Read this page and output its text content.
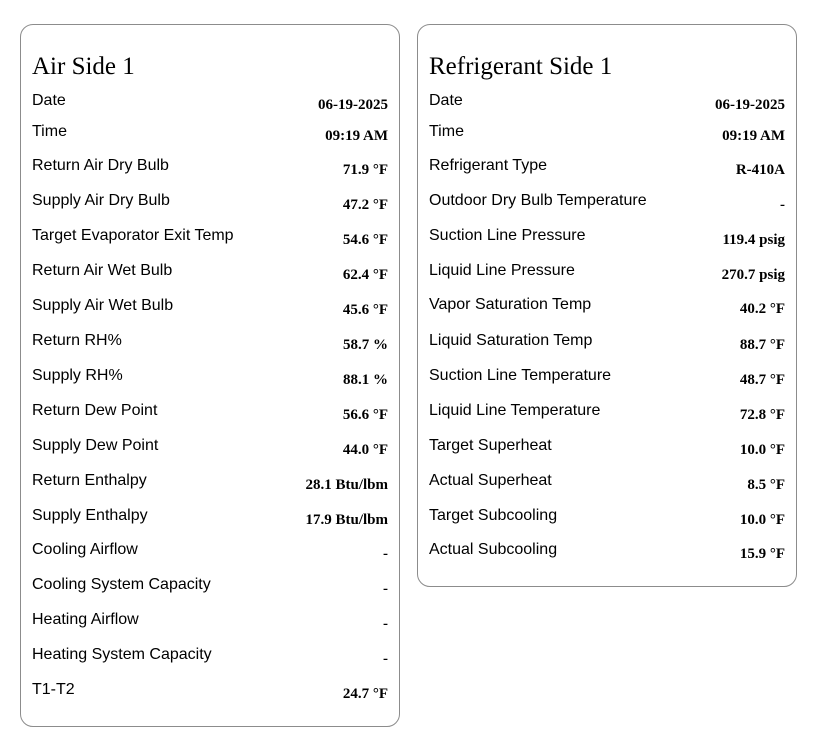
Air Side 1
Date	06-19-2025
Time	09:19 AM
Return Air Dry Bulb	71.9 °F
Supply Air Dry Bulb	47.2 °F
Target Evaporator Exit Temp	54.6 °F
Return Air Wet Bulb	62.4 °F
Supply Air Wet Bulb	45.6 °F
Return RH%	58.7 %
Supply RH%	88.1 %
Return Dew Point	56.6 °F
Supply Dew Point	44.0 °F
Return Enthalpy	28.1 Btu/lbm
Supply Enthalpy	17.9 Btu/lbm
Cooling Airflow	-
Cooling System Capacity	-
Heating Airflow	-
Heating System Capacity	-
T1-T2	24.7 °F
Refrigerant Side 1
Date	06-19-2025
Time	09:19 AM
Refrigerant Type	R-410A
Outdoor Dry Bulb Temperature	-
Suction Line Pressure	119.4 psig
Liquid Line Pressure	270.7 psig
Vapor Saturation Temp	40.2 °F
Liquid Saturation Temp	88.7 °F
Suction Line Temperature	48.7 °F
Liquid Line Temperature	72.8 °F
Target Superheat	10.0 °F
Actual Superheat	8.5 °F
Target Subcooling	10.0 °F
Actual Subcooling	15.9 °F
